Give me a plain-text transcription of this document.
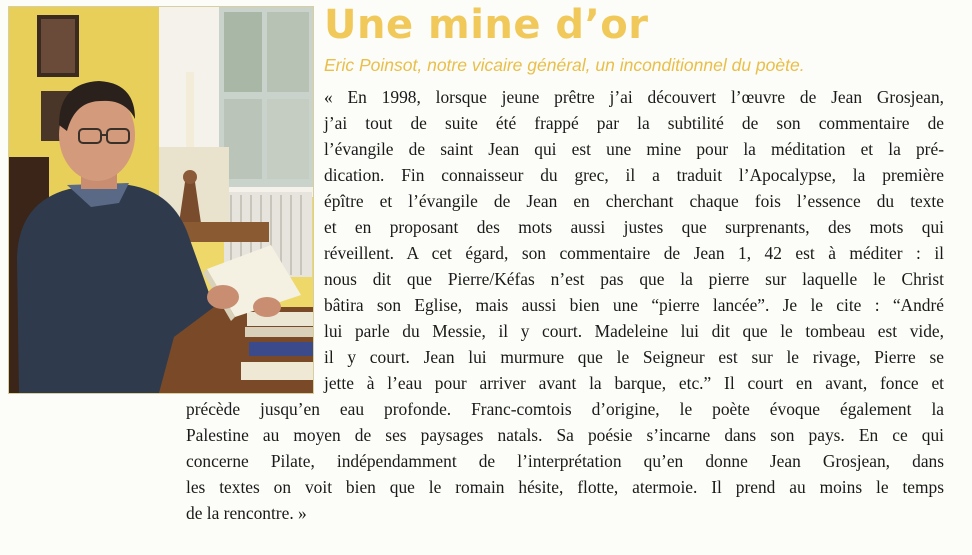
Une mine d’or
Eric Poinsot, notre vicaire général, un inconditionnel du poète.
« En 1998, lorsque jeune prêtre j’ai découvert l’œuvre de Jean Grosjean,
j’ai tout de suite été frappé par la subtilité de son commentaire de
l’évangile de saint Jean qui est une mine pour la méditation et la pré-
dication. Fin connaisseur du grec, il a traduit l’Apocalypse, la première
épître et l’évangile de Jean en cherchant chaque fois l’essence du texte
et en proposant des mots aussi justes que surprenants, des mots qui
réveillent. A cet égard, son commentaire de Jean 1, 42 est à méditer : il
nous dit que Pierre/Kéfas n’est pas que la pierre sur laquelle le Christ
bâtira son Eglise, mais aussi bien une “pierre lancée”. Je le cite : “André
lui parle du Messie, il y court. Madeleine lui dit que le tombeau est vide,
il y court. Jean lui murmure que le Seigneur est sur le rivage, Pierre se
jette à l’eau pour arriver avant la barque, etc.” Il court en avant, fonce et
précède jusqu’en eau profonde. Franc-comtois d’origine, le poète évoque également la
Palestine au moyen de ses paysages natals. Sa poésie s’incarne dans son pays. En ce qui
concerne Pilate, indépendamment de l’interprétation qu’en donne Jean Grosjean, dans
les textes on voit bien que le romain hésite, flotte, atermoie. Il prend au moins le temps
de la rencontre. »
